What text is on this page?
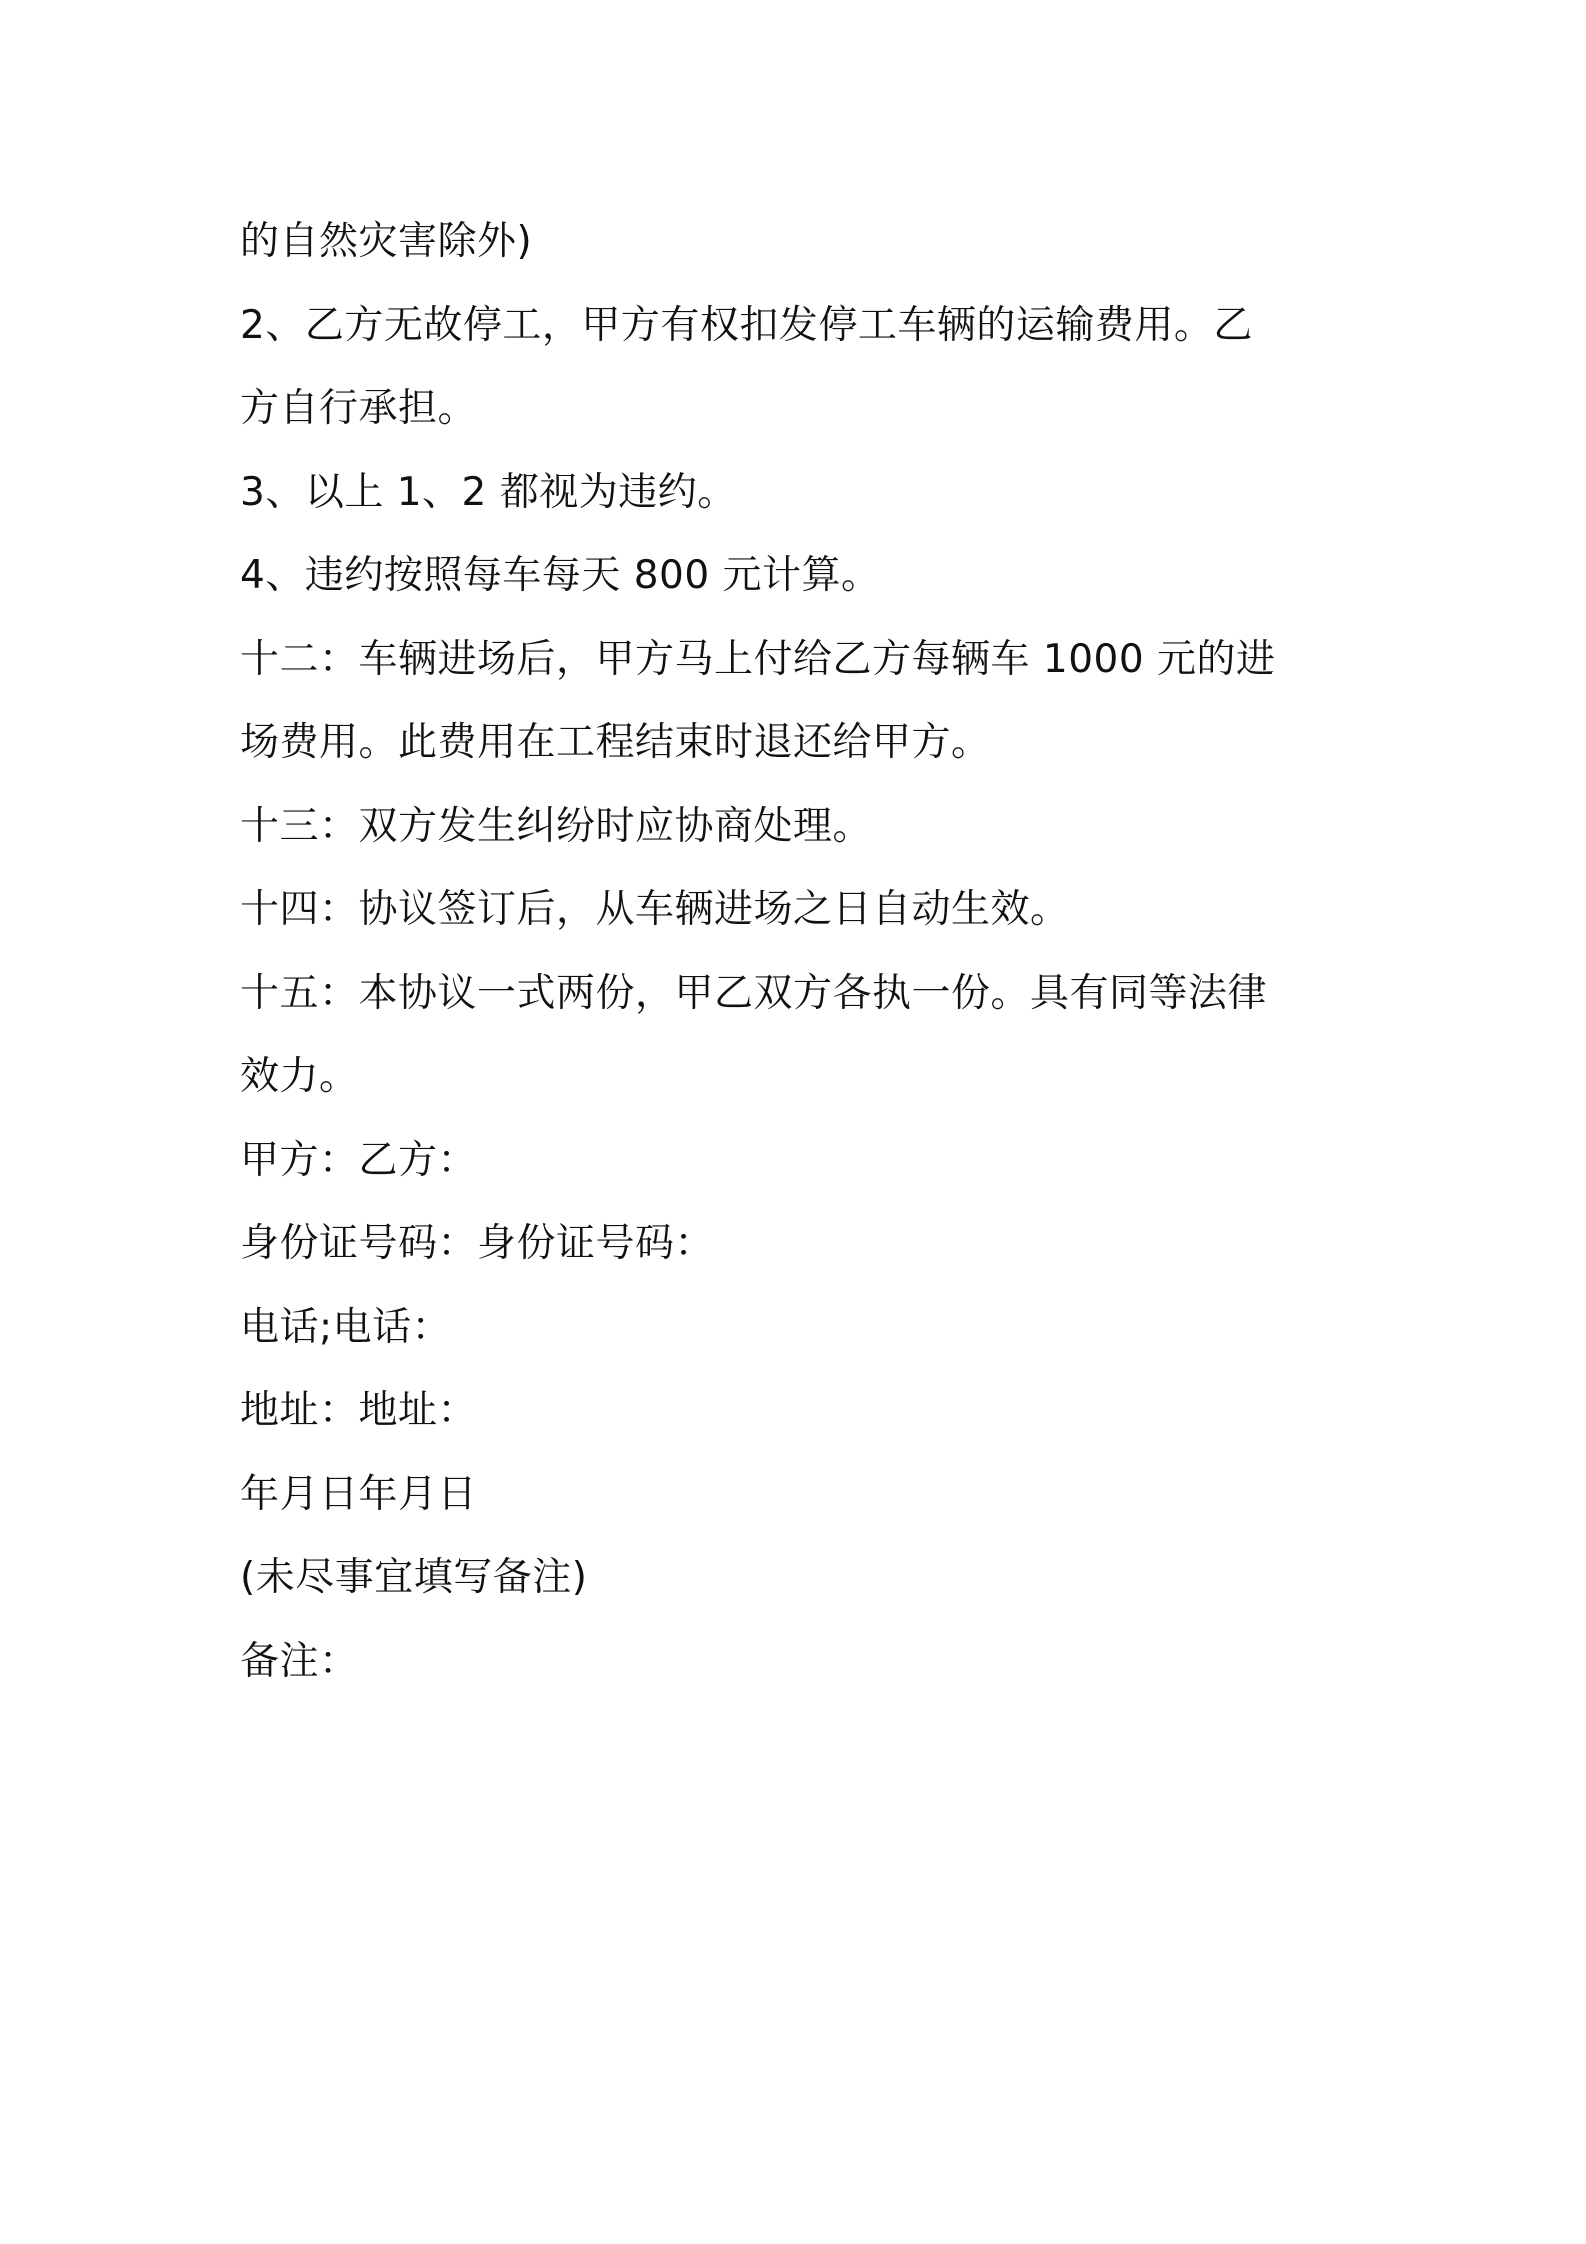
的自然灾害除外)
2、乙方无故停工，甲方有权扣发停工车辆的运输费用。乙
方自行承担。
3、以上 1、2 都视为违约。
4、违约按照每车每天 800 元计算。
十二：车辆进场后，甲方马上付给乙方每辆车 1000 元的进
场费用。此费用在工程结束时退还给甲方。
十三：双方发生纠纷时应协商处理。
十四：协议签订后，从车辆进场之日自动生效。
十五：本协议一式两份，甲乙双方各执一份。具有同等法律
效力。
甲方：乙方：
身份证号码：身份证号码：
电话;电话：
地址：地址：
年月日年月日
(未尽事宜填写备注)
备注：
